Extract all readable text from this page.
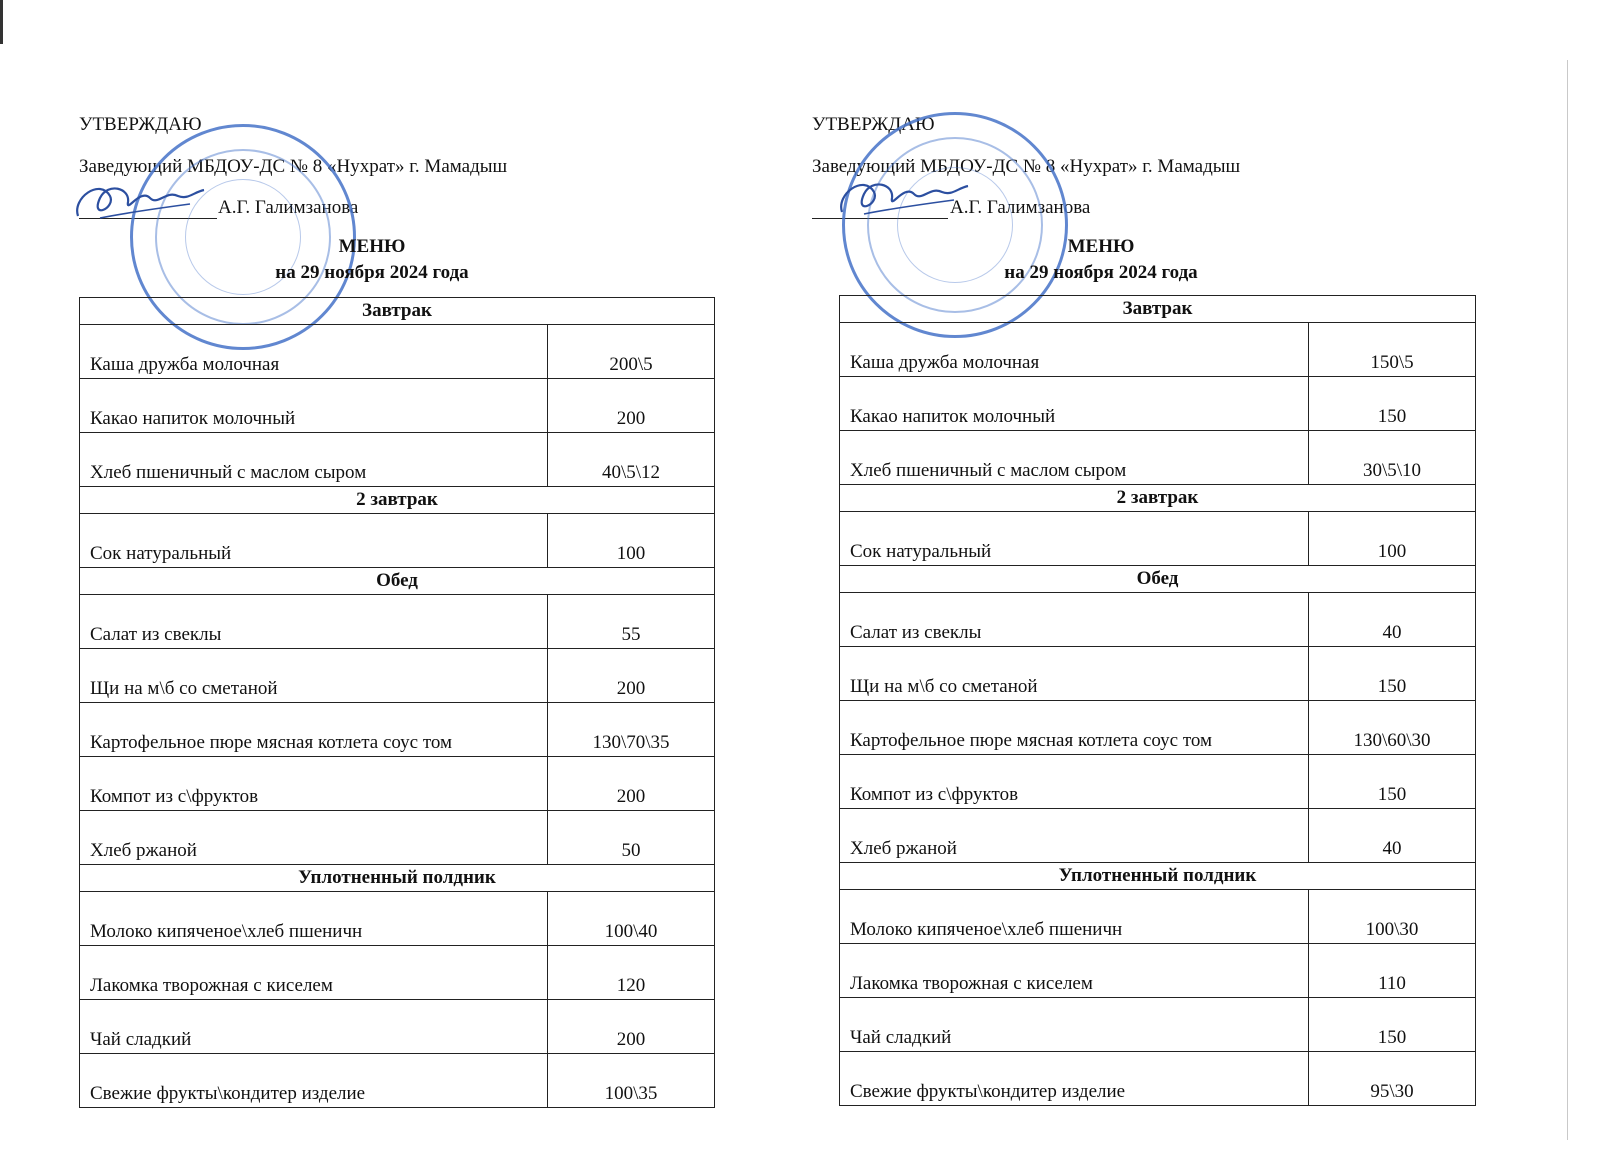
УТВЕРЖДАЮ
Заведующий МБДОУ-ДС № 8 «Нухрат» г. Мамадыш
А.Г. Галимзанова
МЕНЮ
на 29 ноября 2024 года
Завтрак	
Каша дружба молочная	200\5
Какао напиток молочный	200
Хлеб пшеничный с маслом сыром	40\5\12
2 завтрак	
Сок натуральный	100
Обед	
Салат из свеклы	55
Щи на м\б со сметаной	200
Картофельное пюре мясная котлета соус том	130\70\35
Компот из с\фруктов	200
Хлеб ржаной	50
Уплотненный полдник	
Молоко кипяченое\хлеб пшеничн	100\40
Лакомка творожная с киселем	120
Чай сладкий	200
Свежие фрукты\кондитер изделие	100\35
УТВЕРЖДАЮ
Заведующий МБДОУ-ДС № 8 «Нухрат» г. Мамадыш
А.Г. Галимзанова
МЕНЮ
на 29 ноября 2024 года
Завтрак	
Каша дружба молочная	150\5
Какао напиток молочный	150
Хлеб пшеничный с маслом сыром	30\5\10
2 завтрак	
Сок натуральный	100
Обед	
Салат из свеклы	40
Щи на м\б со сметаной	150
Картофельное пюре мясная котлета соус том	130\60\30
Компот из с\фруктов	150
Хлеб ржаной	40
Уплотненный полдник	
Молоко кипяченое\хлеб пшеничн	100\30
Лакомка творожная с киселем	110
Чай сладкий	150
Свежие фрукты\кондитер изделие	95\30
